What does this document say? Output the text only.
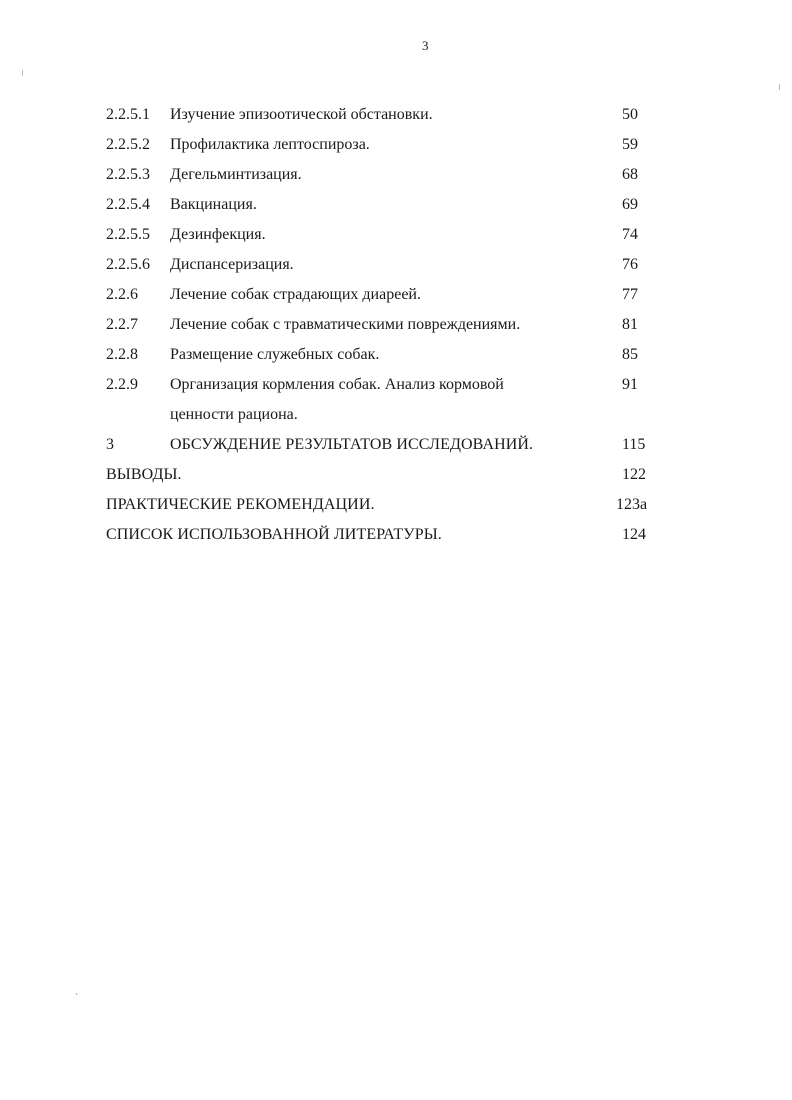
3
2.2.5.1 Изучение эпизоотической обстановки.	50
2.2.5.2 Профилактика лептоспироза.	59
2.2.5.3 Дегельминтизация.	68
2.2.5.4 Вакцинация.	69
2.2.5.5 Дезинфекция.	74
2.2.5.6 Диспансеризация.	76
2.2.6 Лечение собак страдающих диареей.	77
2.2.7 Лечение собак с травматическими повреждениями.	81
2.2.8 Размещение служебных собак.	85
2.2.9 Организация кормления собак. Анализ кормовой	91
ценности рациона.
3	ОБСУЖДЕНИЕ РЕЗУЛЬТАТОВ ИССЛЕДОВАНИЙ.	115
ВЫВОДЫ.	122
ПРАКТИЧЕСКИЕ РЕКОМЕНДАЦИИ.	123а
СПИСОК ИСПОЛЬЗОВАННОЙ ЛИТЕРАТУРЫ.	124
`
